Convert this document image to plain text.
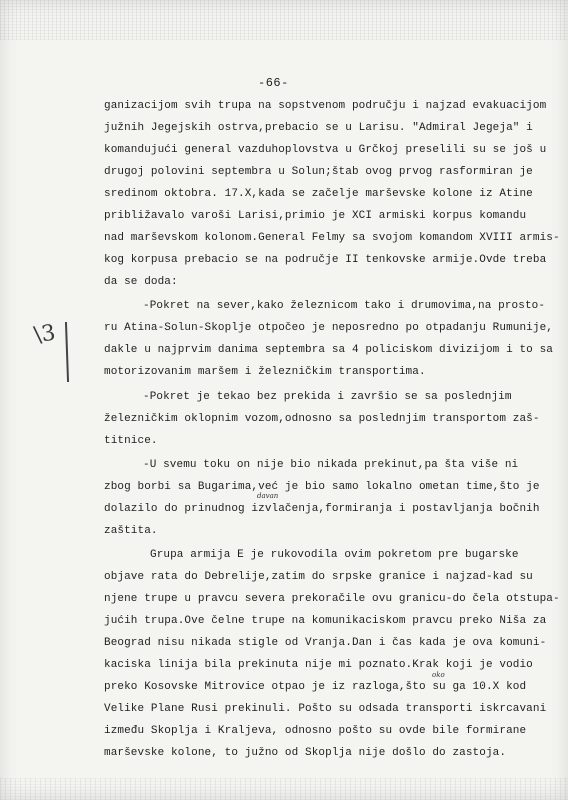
-66-
ganizacijom svih trupa na sopstvenom području i najzad evakuacijom
južnih Jegejskih ostrva,prebacio se u Larisu. "Admiral Jegeja" i
komandujući general vazduhoplovstva u Grčkoj preselili su se još u
drugoj polovini septembra u Solun;štab ovog prvog rasformiran je
sredinom oktobra. 17.X,kada se začelje marševske kolone iz Atine
približavalo varoši Larisi,primio je XCI armiski korpus komandu
nad marševskom kolonom.General Felmy sa svojom komandom XVIII armis-
kog korpusa prebacio se na područje II tenkovske armije.Ovde treba
da se doda:
-Pokret na sever,kako železnicom tako i drumovima,na prosto-
ru Atina-Solun-Skoplje otpočeo je neposredno po otpadanju Rumunije,
dakle u najprvim danima septembra sa 4 policiskom divizijom i to sa
motorizovanim maršem i železničkim transportima.
-Pokret je tekao bez prekida i završio se sa poslednjim
železničkim oklopnim vozom,odnosno sa poslednjim transportom zaš-
titnice.
-U svemu toku on nije bio nikada prekinut,pa šta više ni
zbog borbi sa Bugarima,već je bio samo lokalno ometan time,što je
dolazilo do prinudnog izvlačenja,formiranja i postavljanja bočnih
zaštita.
Grupa armija E je rukovodila ovim pokretom pre bugarske
objave rata do Debrelije,zatim do srpske granice i najzad-kad su
njene trupe u pravcu severa prekoračile ovu granicu-do čela otstupa-
jućih trupa.Ove čelne trupe na komunikaciskom pravcu preko Niša za
Beograd nisu nikada stigle od Vranja.Dan i čas kada je ova komuni-
kaciska linija bila prekinuta nije mi poznato.Krak koji je vodio
preko Kosovske Mitrovice otpao je iz razloga,što su ga 10.X kod
Velike Plane Rusi prekinuli. Pošto su odsada transporti iskrcavani
između Skoplja i Kraljeva, odnosno pošto su ovde bile formirane
marševske kolone, to južno od Skoplja nije došlo do zastoja.
\3
davan
oko
